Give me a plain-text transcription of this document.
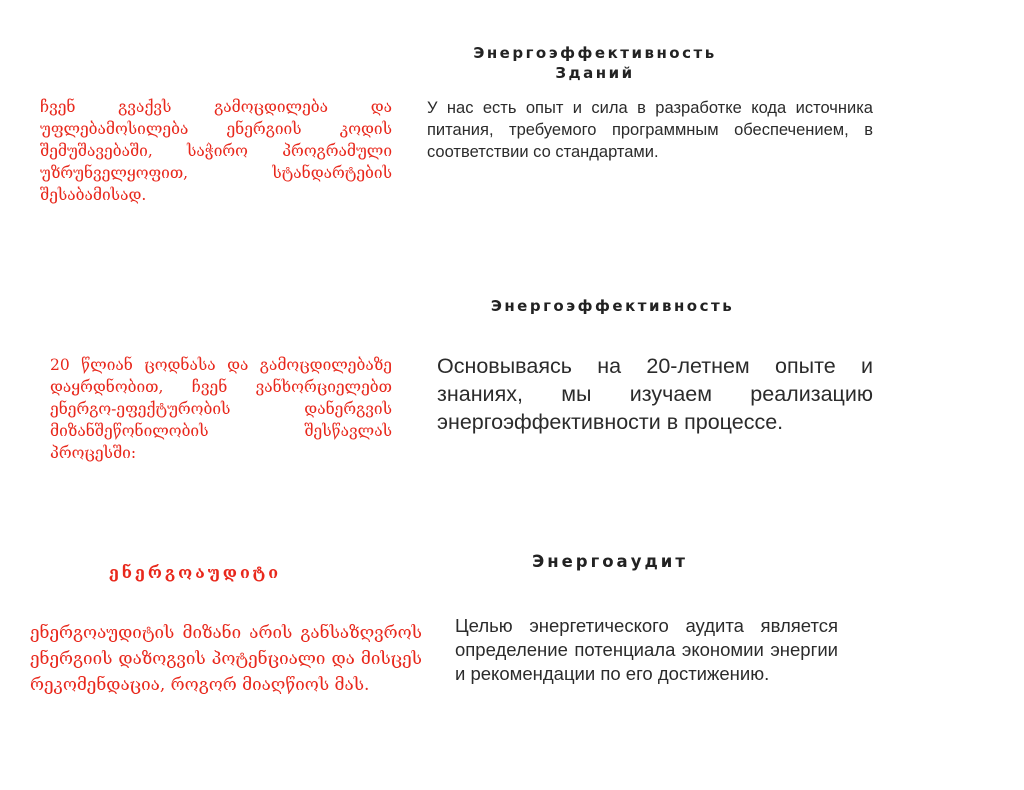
Энергоэффективность
Зданий
ჩვენ გვაქვს გამოცდილება და უფლებამოსილება ენერგიის კოდის შემუშავებაში, საჭირო პროგრამული უზრუნველყოფით, სტანდარტების შესაბამისად.
У нас есть опыт и сила в разработке кода источника питания, требуемого программным обеспечением, в соответствии со стандартами.
Энергоэффективность
20 წლიან ცოდნასა და გამოცდილებაზე დაყრდნობით, ჩვენ ვანხორციელებთ ენერგო-ეფექტურობის დანერგვის მიზანშეწონილობის შესწავლას პროცესში:
Основываясь на 20-летнем опыте и знаниях, мы изучаем реализацию энергоэффективности в процессе.
ენერგოაუდიტი
Энергоаудит
ენერგოაუდიტის მიზანი არის განსაზღვროს ენერგიის დაზოგვის პოტენციალი და მისცეს რეკომენდაცია, როგორ მიაღწიოს მას.
Целью энергетического аудита является определение потенциала экономии энергии и рекомендации по его достижению.
